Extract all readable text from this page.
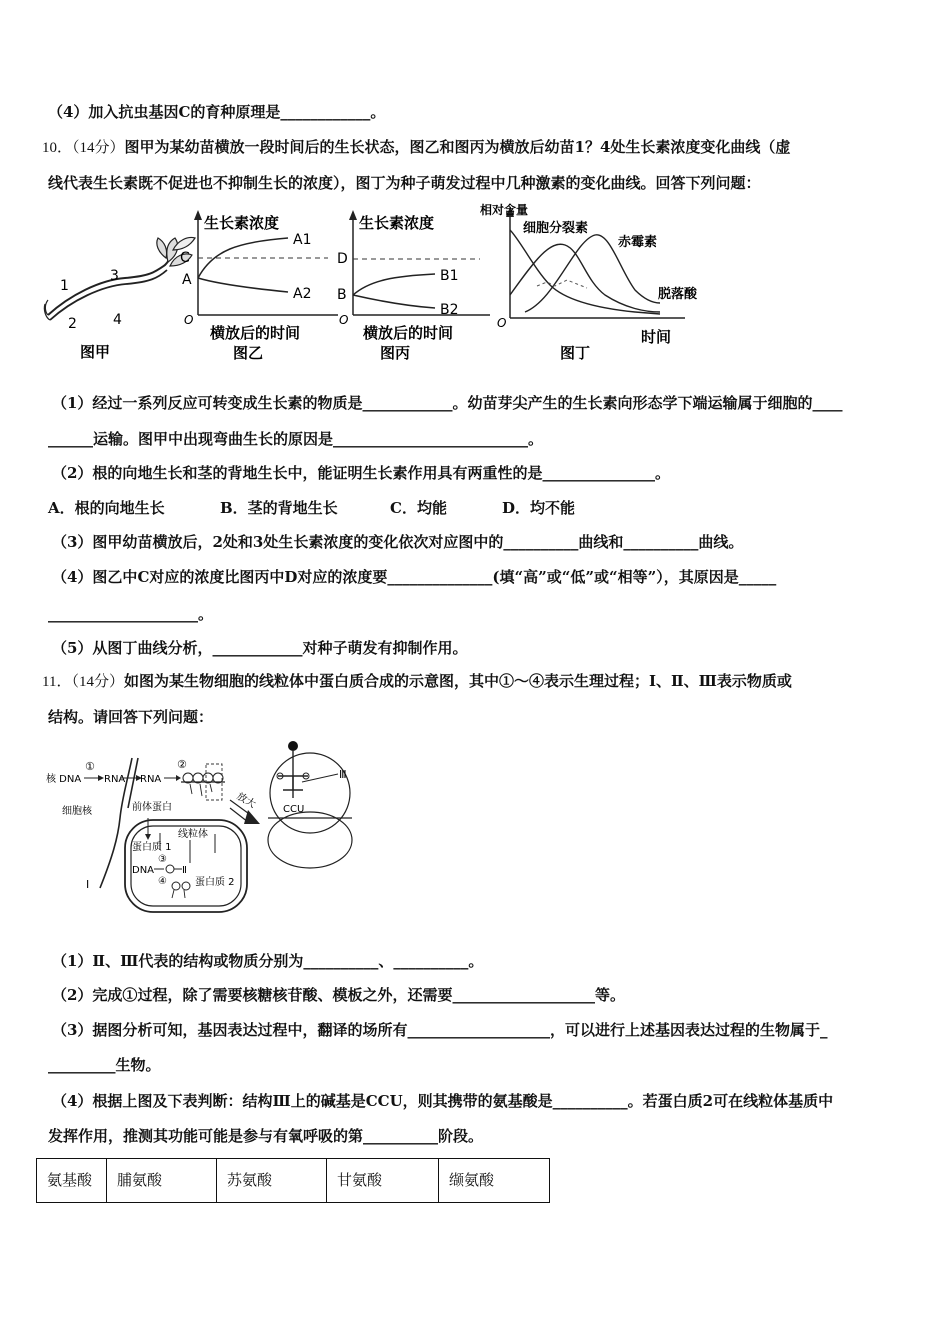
（4）加入抗虫基因C的育种原理是____________。
10．（14分）图甲为某幼苗横放一段时间后的生长状态，图乙和图丙为横放后幼苗1？4处生长素浓度变化曲线（虚
线代表生长素既不促进也不抑制生长的浓度），图丁为种子萌发过程中几种激素的变化曲线。回答下列问题：
1
2
3
4
图甲
生长素浓度
O
C
A
A1
A2
横放后的时间
图乙
生长素浓度
O
D
B
B1
B2
横放后的时间
图丙
相对含量
O
细胞分裂素
赤霉素
脱落酸
时间
图丁
（1）经过一系列反应可转变成生长素的物质是____________。幼苗芽尖产生的生长素向形态学下端运输属于细胞的____
______运输。图甲中出现弯曲生长的原因是__________________________。
（2）根的向地生长和茎的背地生长中，能证明生长素作用具有两重性的是_______________。
A．根的向地生长	B．茎的背地生长	C．均能	D．均不能
（3）图甲幼苗横放后，2处和3处生长素浓度的变化依次对应图中的__________曲线和__________曲线。
（4）图乙中C对应的浓度比图丙中D对应的浓度要______________(填“高”或“低”或“相等”），其原因是_____
____________________。
（5）从图丁曲线分析，____________对种子萌发有抑制作用。
11．（14分）如图为某生物细胞的线粒体中蛋白质合成的示意图，其中①～④表示生理过程；Ⅰ、Ⅱ、Ⅲ表示物质或
结构。请回答下列问题：
核 DNA
①
RNA RNA
②
细胞核	前体蛋白	放大
线粒体
蛋白质 1
DNA
③
Ⅱ
④	蛋白质 2
Ⅰ
Ⅲ
CCU
（1）Ⅱ、Ⅲ代表的结构或物质分别为__________、__________。
（2）完成①过程，除了需要核糖核苷酸、模板之外，还需要___________________等。
（3）据图分析可知，基因表达过程中，翻译的场所有___________________，可以进行上述基因表达过程的生物属于_
_________生物。
（4）根据上图及下表判断：结构Ⅲ上的碱基是CCU，则其携带的氨基酸是__________。若蛋白质2可在线粒体基质中
发挥作用，推测其功能可能是参与有氧呼吸的第__________阶段。
氨基酸	脯氨酸	苏氨酸	甘氨酸	缬氨酸
